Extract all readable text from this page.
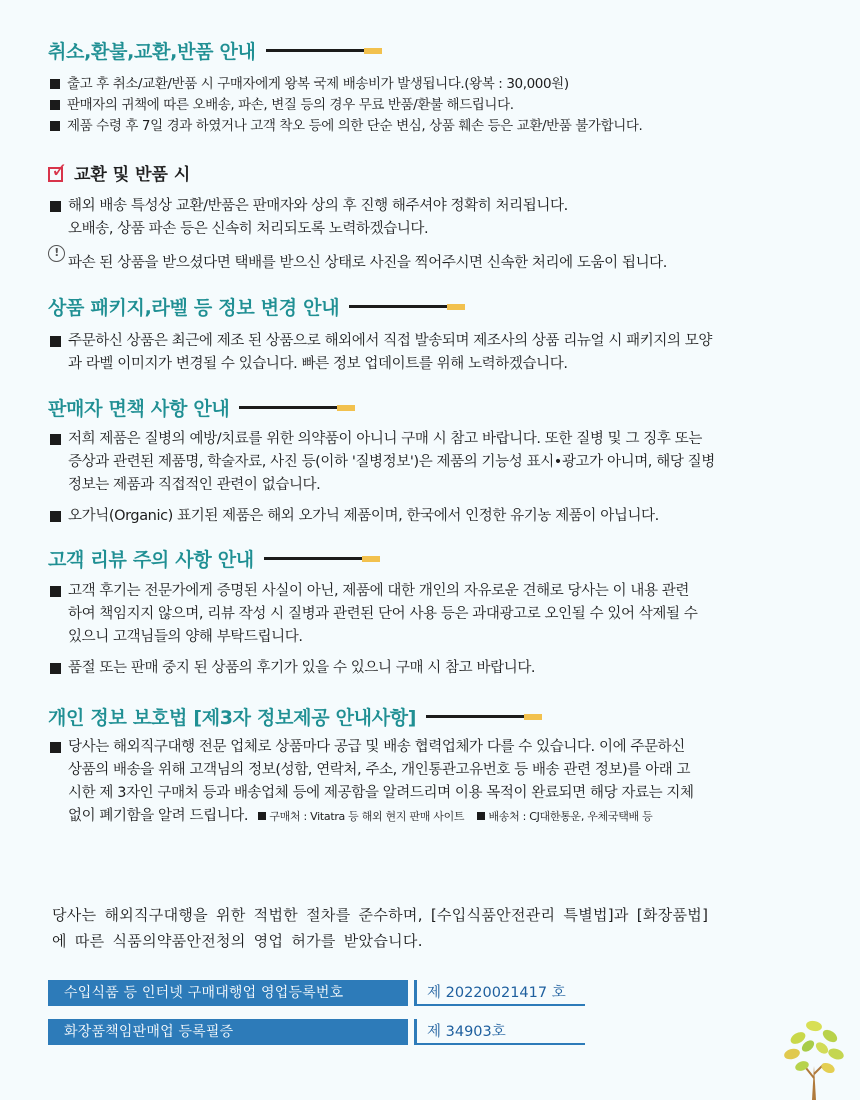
취소,환불,교환,반품 안내
출고 후 취소/교환/반품 시 구매자에게 왕복 국제 배송비가 발생됩니다.(왕복 : 30,000원)
판매자의 귀책에 따른 오배송, 파손, 변질 등의 경우 무료 반품/환불 해드립니다.
제품 수령 후 7일 경과 하였거나 고객 착오 등에 의한 단순 변심, 상품 훼손 등은 교환/반품 불가합니다.
✓ 교환 및 반품 시
해외 배송 특성상 교환/반품은 판매자와 상의 후 진행 해주셔야 정확히 처리됩니다.
오배송, 상품 파손 등은 신속히 처리되도록 노력하겠습니다.
!
파손 된 상품을 받으셨다면 택배를 받으신 상태로 사진을 찍어주시면 신속한 처리에 도움이 됩니다.
상품 패키지,라벨 등 정보 변경 안내
주문하신 상품은 최근에 제조 된 상품으로 해외에서 직접 발송되며 제조사의 상품 리뉴얼 시 패키지의 모양
과 라벨 이미지가 변경될 수 있습니다. 빠른 정보 업데이트를 위해 노력하겠습니다.
판매자 면책 사항 안내
저희 제품은 질병의 예방/치료를 위한 의약품이 아니니 구매 시 참고 바랍니다. 또한 질병 및 그 징후 또는
증상과 관련된 제품명, 학술자료, 사진 등(이하 '질병정보')은 제품의 기능성 표시•광고가 아니며, 해당 질병
정보는 제품과 직접적인 관련이 없습니다.
오가닉(Organic) 표기된 제품은 해외 오가닉 제품이며, 한국에서 인정한 유기농 제품이 아닙니다.
고객 리뷰 주의 사항 안내
고객 후기는 전문가에게 증명된 사실이 아닌, 제품에 대한 개인의 자유로운 견해로 당사는 이 내용 관련
하여 책임지지 않으며, 리뷰 작성 시 질병과 관련된 단어 사용 등은 과대광고로 오인될 수 있어 삭제될 수
있으니 고객님들의 양해 부탁드립니다.
품절 또는 판매 중지 된 상품의 후기가 있을 수 있으니 구매 시 참고 바랍니다.
개인 정보 보호법 [제3자 정보제공 안내사항]
당사는 해외직구대행 전문 업체로 상품마다 공급 및 배송 협력업체가 다를 수 있습니다. 이에 주문하신
상품의 배송을 위해 고객님의 정보(성함, 연락처, 주소, 개인통관고유번호 등 배송 관련 정보)를 아래 고
시한 제 3자인 구매처 등과 배송업체 등에 제공함을 알려드리며 이용 목적이 완료되면 해당 자료는 지체
없이 폐기함을 알려 드립니다. 구매처 : Vitatra 등 해외 현지 판매 사이트 배송처 : CJ대한통운, 우체국택배 등
당사는 해외직구대행을 위한 적법한 절차를 준수하며, [수입식품안전관리 특별법]과 [화장품법]
에 따른 식품의약품안전청의 영업 허가를 받았습니다.
수입식품 등 인터넷 구매대행업 영업등록번호	제 20220021417 호
화장품책임판매업 등록필증	제 34903호
